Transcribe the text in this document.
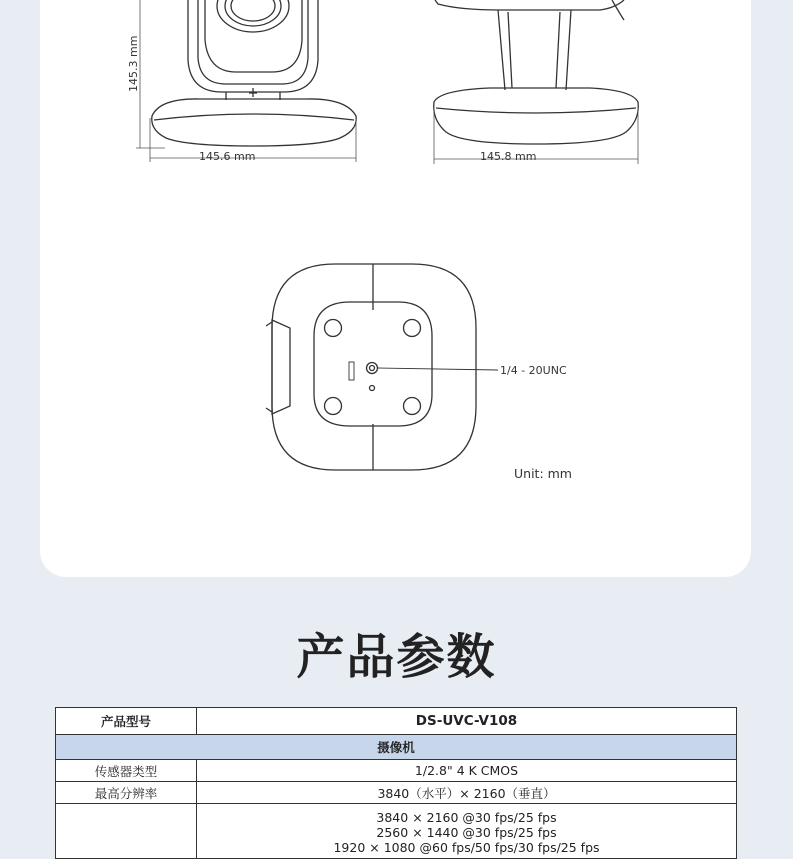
145.3 mm
145.6 mm	145.8 mm
1/4 - 20UNC
Unit: mm
产品参数
产品型号	DS-UVC-V108
摄像机	
传感器类型	1/2.8" 4 K CMOS
最高分辨率	3840（水平）× 2160（垂直）

	3840 × 2160 @30 fps/25 fps
2560 × 1440 @30 fps/25 fps
1920 × 1080 @60 fps/50 fps/30 fps/25 fps
